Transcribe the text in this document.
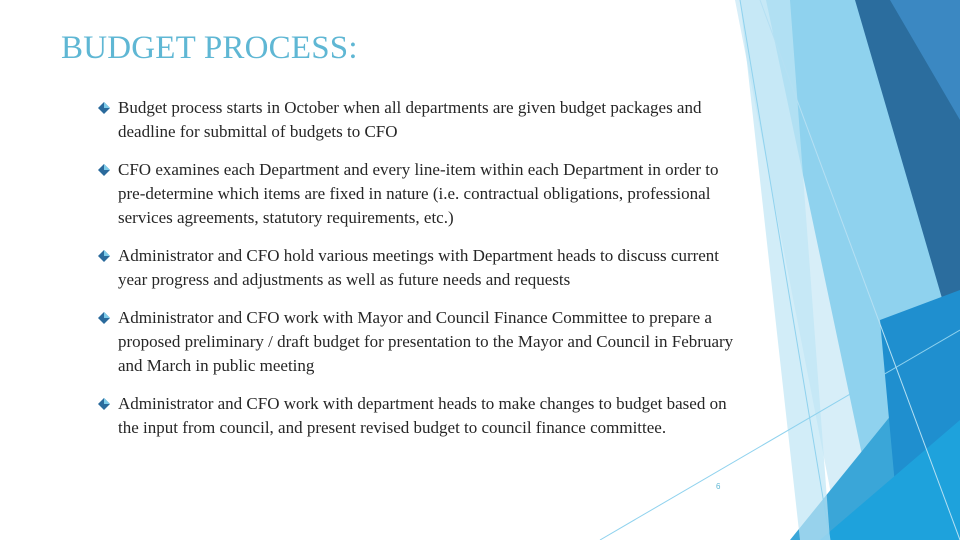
BUDGET PROCESS:
Budget process starts in October when all departments are given budget packages and deadline for submittal of budgets to CFO
CFO examines each Department and every line-item within each Department in order to pre-determine which items are fixed in nature (i.e. contractual obligations, professional services agreements, statutory requirements, etc.)
Administrator and CFO hold various meetings with Department heads to discuss current year progress and adjustments as well as future needs and requests
Administrator and CFO work with Mayor and Council Finance Committee to prepare a proposed preliminary / draft budget for presentation to the Mayor and Council in February and March in public meeting
Administrator and CFO work with department heads to make changes to budget based on the input from council, and present revised budget to council finance committee.
6
